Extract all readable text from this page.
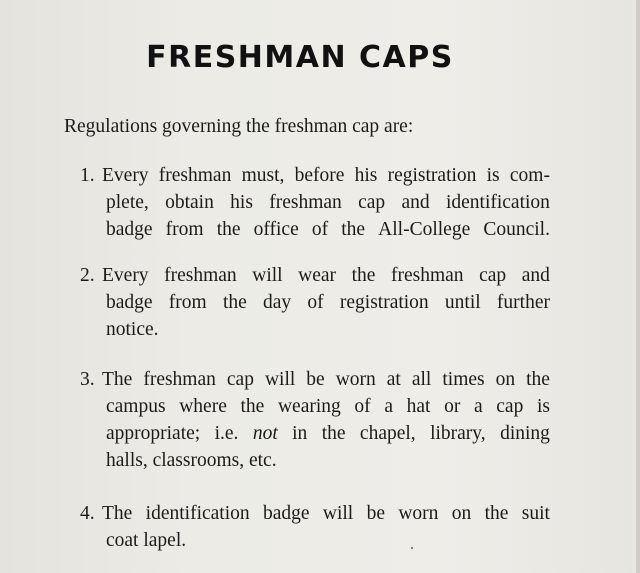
FRESHMAN CAPS

Regulations governing the freshman cap are:

1. Every freshman must, before his registration is com-
plete, obtain his freshman cap and identification
badge from the office of the All-College Council.
2. Every freshman will wear the freshman cap and
badge from the day of registration until further
notice.
3. The freshman cap will be worn at all times on the
campus where the wearing of a hat or a cap is
appropriate; i.e. not in the chapel, library, dining
halls, classrooms, etc.
4. The identification badge will be worn on the suit
coat lapel.
